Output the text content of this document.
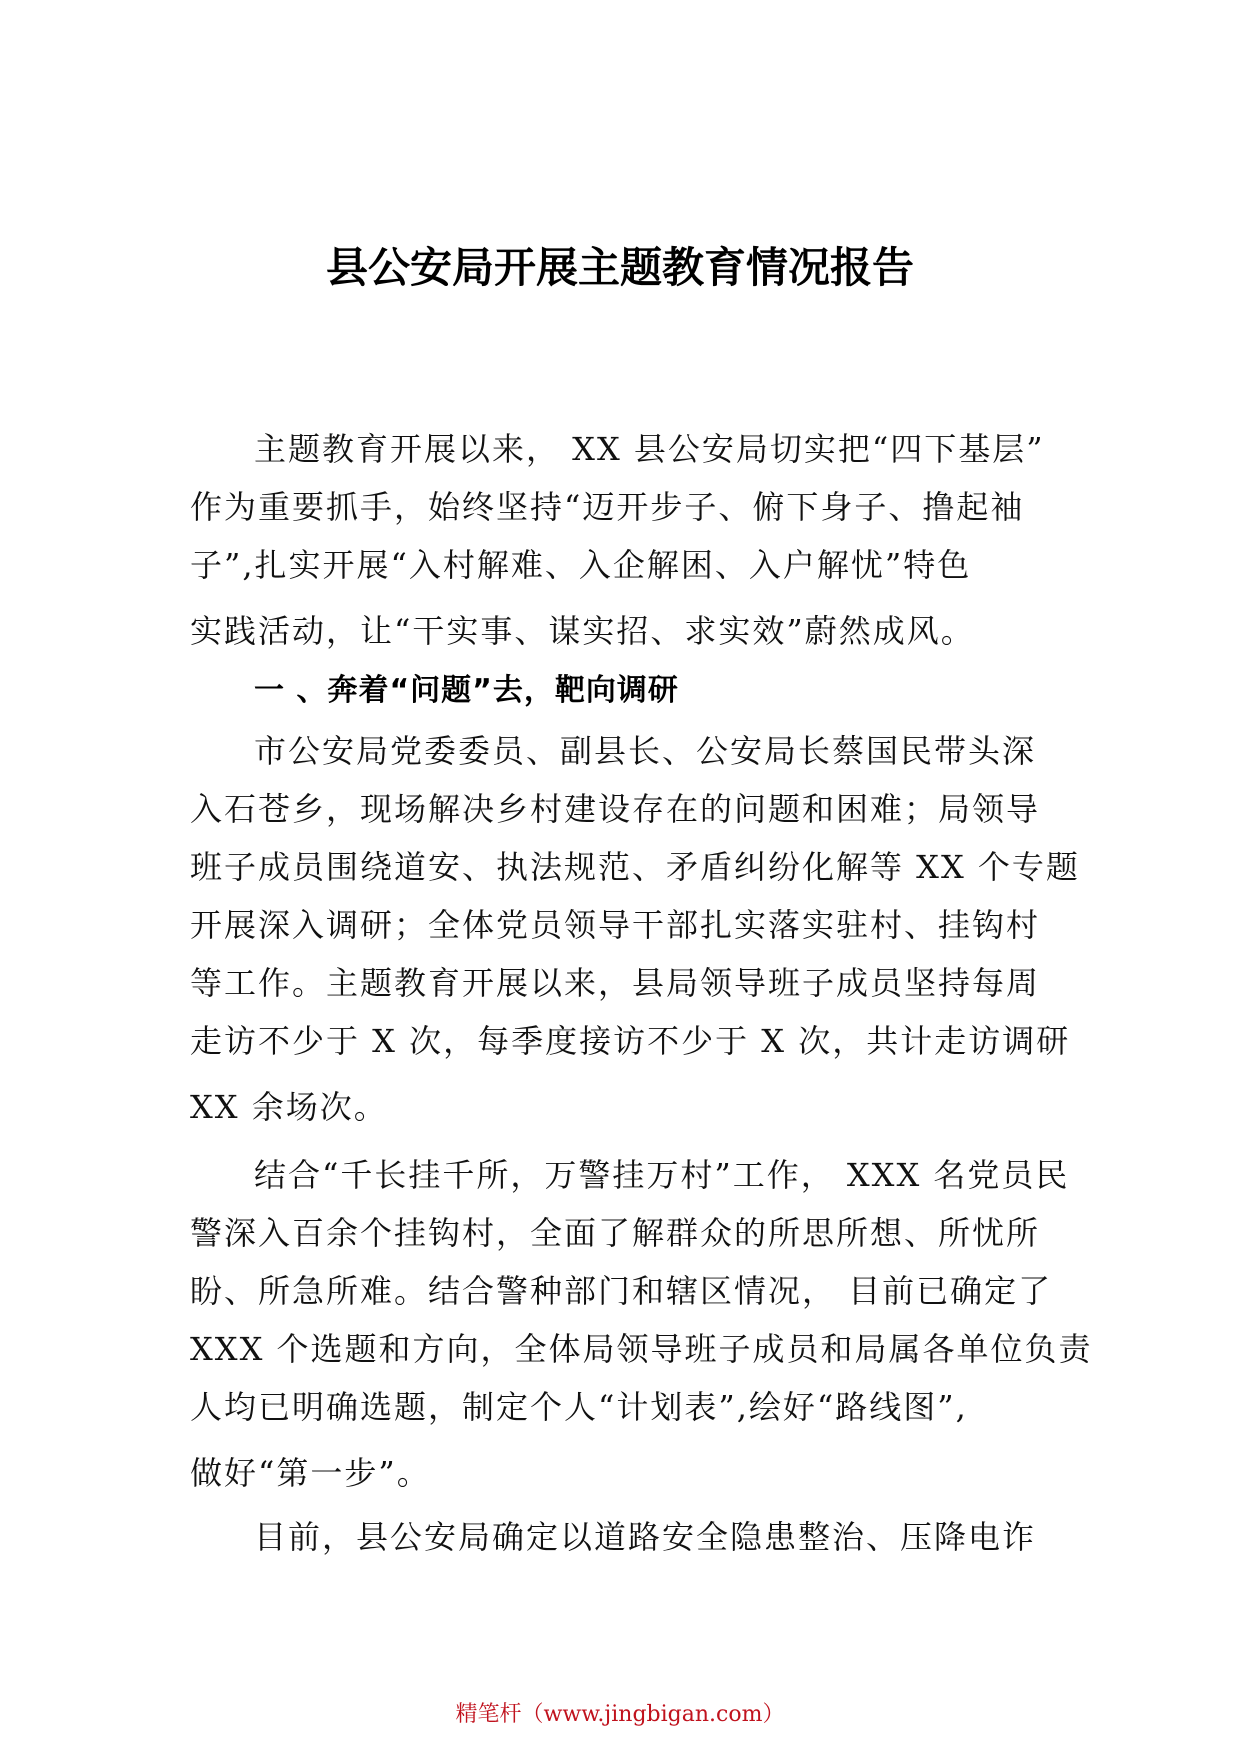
县公安局开展主题教育情况报告

主题教育开展以来， XX 县公安局切实把“四下基层”
作为重要抓手，始终坚持“迈开步子、俯下身子、撸起袖
子”,扎实开展“入村解难、入企解困、入户解忧”特色
实践活动，让“干实事、谋实招、求实效”蔚然成风。

一 、奔着“问题”去，靶向调研

市公安局党委委员、副县长、公安局长蔡国民带头深
入石苍乡，现场解决乡村建设存在的问题和困难；局领导
班子成员围绕道安、执法规范、矛盾纠纷化解等 XX 个专题
开展深入调研；全体党员领导干部扎实落实驻村、挂钩村
等工作。主题教育开展以来，县局领导班子成员坚持每周
走访不少于 X 次，每季度接访不少于 X 次，共计走访调研
XX 余场次。

结合“千长挂千所，万警挂万村”工作， XXX 名党员民
警深入百余个挂钩村，全面了解群众的所思所想、所忧所
盼、所急所难。结合警种部门和辖区情况， 目前已确定了
XXX 个选题和方向，全体局领导班子成员和局属各单位负责
人均已明确选题，制定个人“计划表”,绘好“路线图”,
做好“第一步”。

目前，县公安局确定以道路安全隐患整治、压降电诈

精笔杆（www.jingbigan.com）
